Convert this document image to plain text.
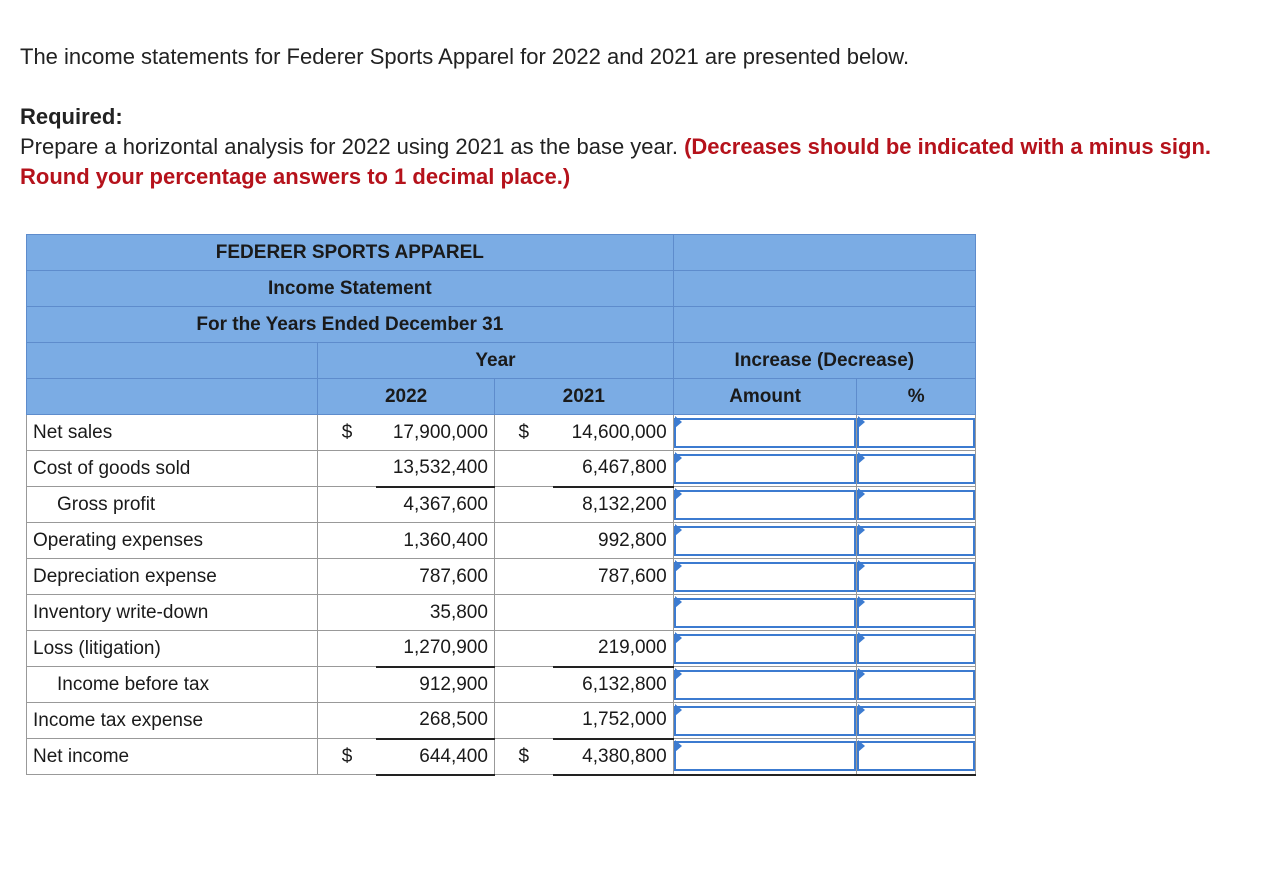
The income statements for Federer Sports Apparel for 2022 and 2021 are presented below.

Required:

Prepare a horizontal analysis for 2022 using 2021 as the base year. (Decreases should be indicated with a minus sign. Round your percentage answers to 1 decimal place.)

FEDERER SPORTS APPAREL						
Income Statement						
For the Years Ended December 31						
	Year				Increase (Decrease)	
	2022		2021		Amount	%
Net sales	$	17,900,000	$	14,600,000	

Cost of goods sold		13,532,400		6,467,800	

Gross profit		4,367,600		8,132,200	

Operating expenses		1,360,400		992,800	

Depreciation expense		787,600		787,600	

Inventory write-down		35,800			

Loss (litigation)		1,270,900		219,000	

Income before tax		912,900		6,132,800	

Income tax expense		268,500		1,752,000	

Net income	$	644,400	$	4,380,800	
